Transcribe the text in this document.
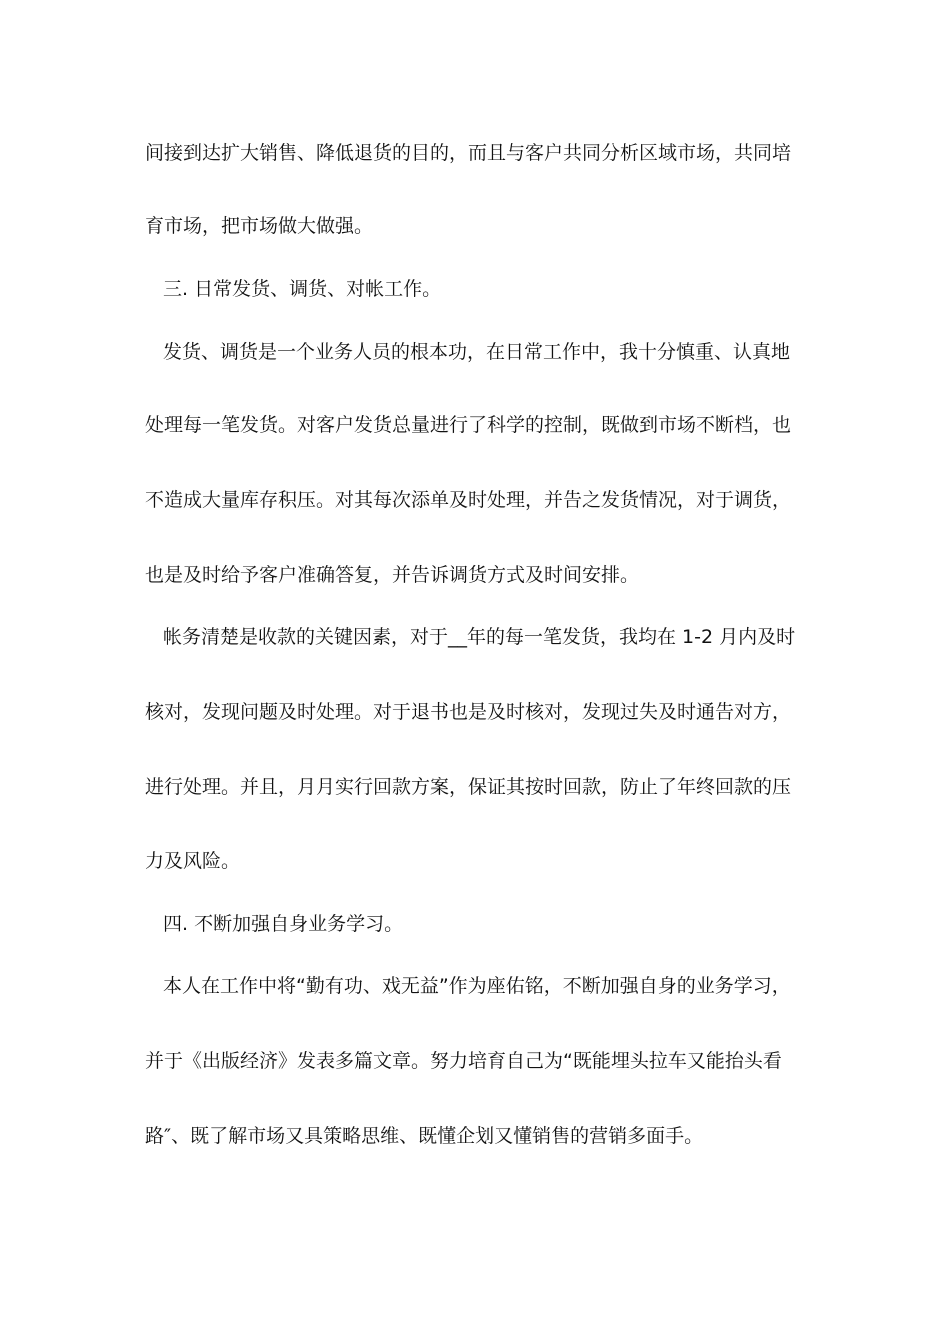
间接到达扩大销售、降低退货的目的，而且与客户共同分析区域市场，共同培
育市场，把市场做大做强。
三. 日常发货、调货、对帐工作。
发货、调货是一个业务人员的根本功，在日常工作中，我十分慎重、认真地
处理每一笔发货。对客户发货总量进行了科学的控制，既做到市场不断档，也
不造成大量库存积压。对其每次添单及时处理，并告之发货情况，对于调货，
也是及时给予客户准确答复，并告诉调货方式及时间安排。
帐务清楚是收款的关键因素，对于__年的每一笔发货，我均在 1-2 月内及时
核对，发现问题及时处理。对于退书也是及时核对，发现过失及时通告对方，
进行处理。并且，月月实行回款方案，保证其按时回款，防止了年终回款的压
力及风险。
四. 不断加强自身业务学习。
本人在工作中将“勤有功、戏无益”作为座佑铭，不断加强自身的业务学习，
并于《出版经济》发表多篇文章。努力培育自己为“既能埋头拉车又能抬头看
路″、既了解市场又具策略思维、既懂企划又懂销售的营销多面手。
